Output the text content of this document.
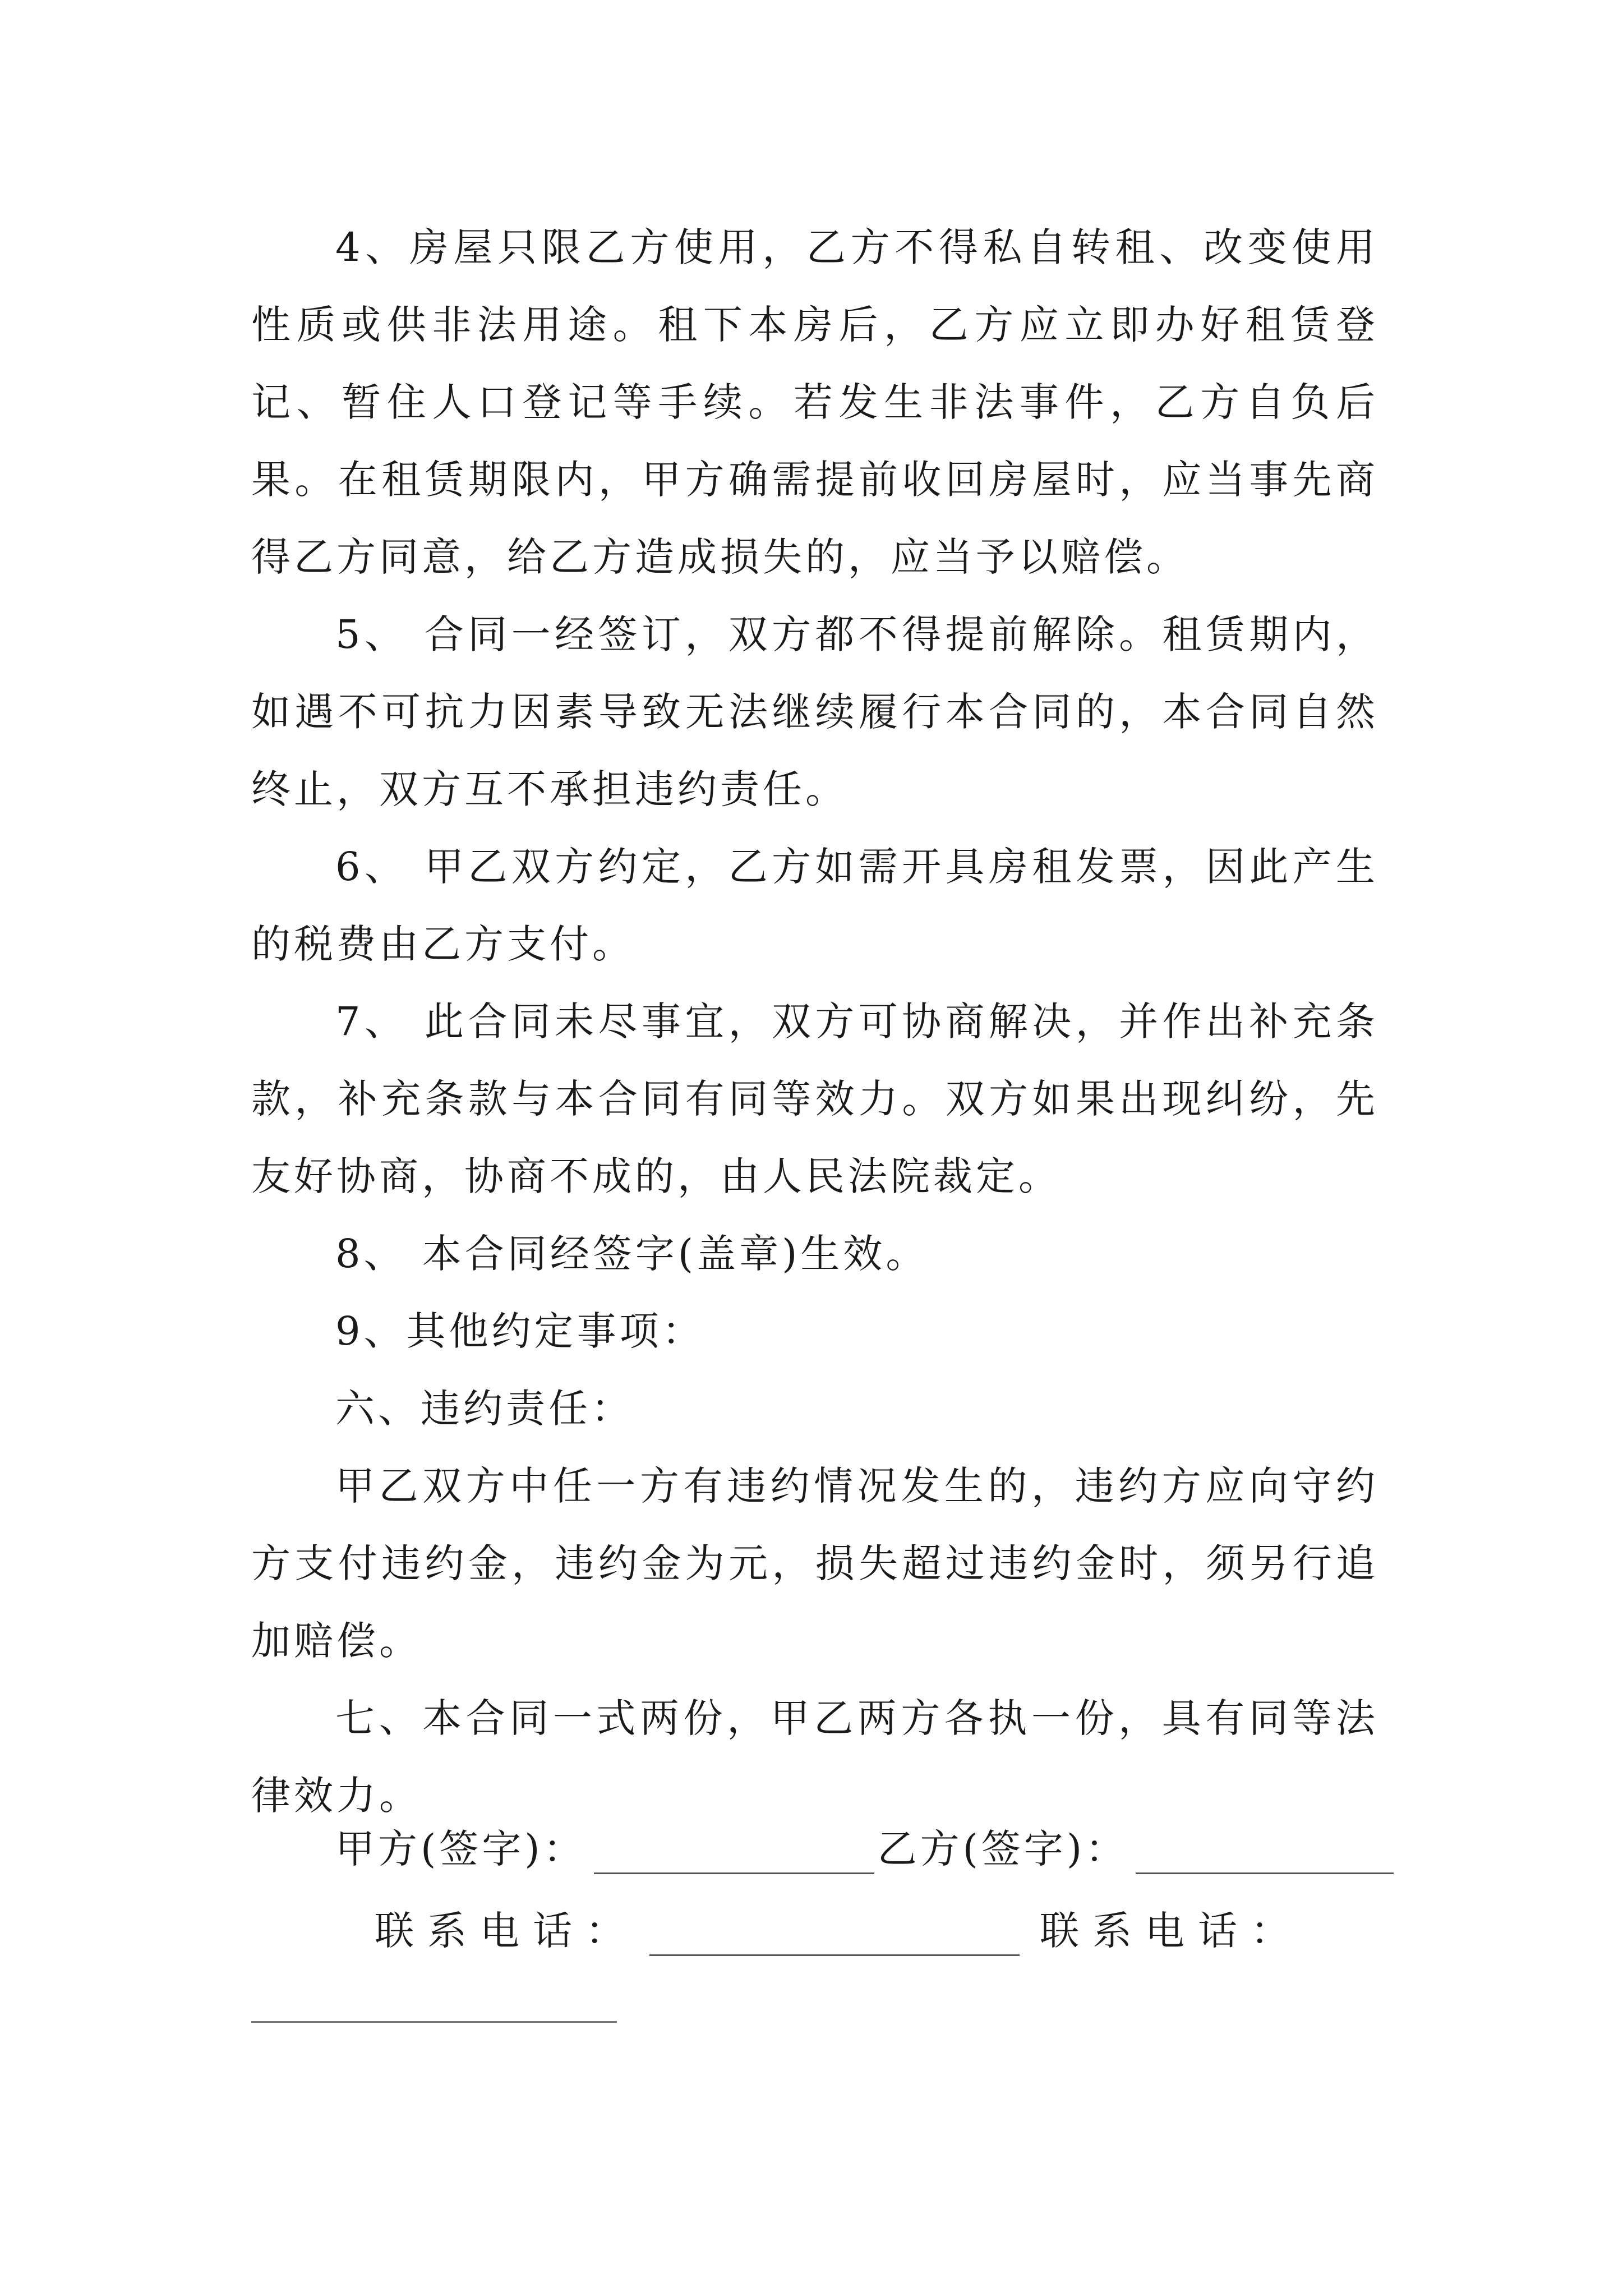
4、房屋只限乙方使用，乙方不得私自转租、改变使用性质或供非法用途。租下本房后，乙方应立即办好租赁登记、暂住人口登记等手续。若发生非法事件，乙方自负后果。在租赁期限内，甲方确需提前收回房屋时，应当事先商得乙方同意，给乙方造成损失的，应当予以赔偿。

5、 合同一经签订，双方都不得提前解除。租赁期内，如遇不可抗力因素导致无法继续履行本合同的，本合同自然终止，双方互不承担违约责任。

6、 甲乙双方约定，乙方如需开具房租发票，因此产生的税费由乙方支付。

7、 此合同未尽事宜，双方可协商解决，并作出补充条款，补充条款与本合同有同等效力。双方如果出现纠纷，先友好协商，协商不成的，由人民法院裁定。

8、 本合同经签字(盖章)生效。

9、其他约定事项：

六、违约责任：

甲乙双方中任一方有违约情况发生的，违约方应向守约方支付违约金，违约金为元，损失超过违约金时，须另行追加赔偿。

七、本合同一式两份，甲乙两方各执一份，具有同等法律效力。

甲方(签字)：	乙方(签字)：
联系电话：	联系电话：
